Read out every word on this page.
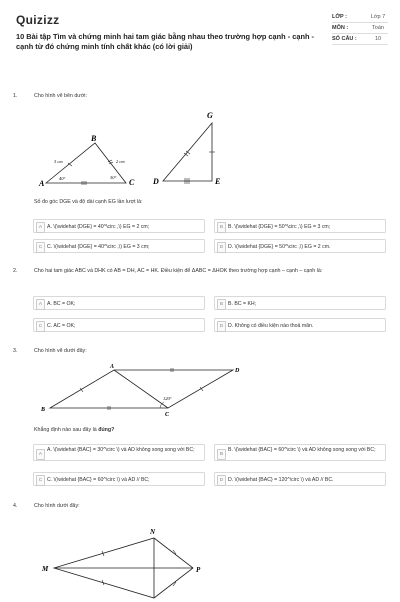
Quizizz
10 Bài tập Tìm và chứng minh hai tam giác bằng nhau theo trường hợp cạnh - cạnh - cạnh từ đó chứng minh tính chất khác (có lời giải)
LỚP :	Lớp 7
MÔN :	Toán
SỐ CÂU :	10
1.	Cho hình vẽ bên dưới:
A
B
C
3 cm	2 cm
40°	30°	D	E
G
Số đo góc DGE và độ dài cạnh EG lần lượt là:
A A. \(\widehat {DGE} = 40^\circ ,\) EG = 2 cm;	B B. \(\widehat {DGE} = 50^\circ ,\) EG = 3 cm;
C C. \(\widehat {DGE} = 40^\circ ,\) EG = 3 cm;	D D. \(\widehat {DGE} = 50^\circ ,\) EG = 2 cm.
2.	Cho hai tam giác ABC và DHK có AB = DH, AC = HK. Điều kiện để ΔABC = ΔHOK theo trường hợp cạnh – cạnh – cạnh là:
A A. BC = OK;	B B. BC = KH;
C C. AC = OK;	D D. Không có điều kiện nào thoả mãn.
3.	Cho hình vẽ dưới đây:
A
B
C
D
120°
Khẳng định nào sau đây là đúng?
A
A. \(\widehat {BAC} = 30^\circ \) và AD không song song với BC;
B
B. \(\widehat {BAC} = 60^\circ \) và AD không song song với BC;
C C. \(\widehat {BAC} = 60^\circ \) và AD // BC;	D D. \(\widehat {BAC} = 120^\circ \) và AD // BC.
4.	Cho hình dưới đây:
N
M	P
